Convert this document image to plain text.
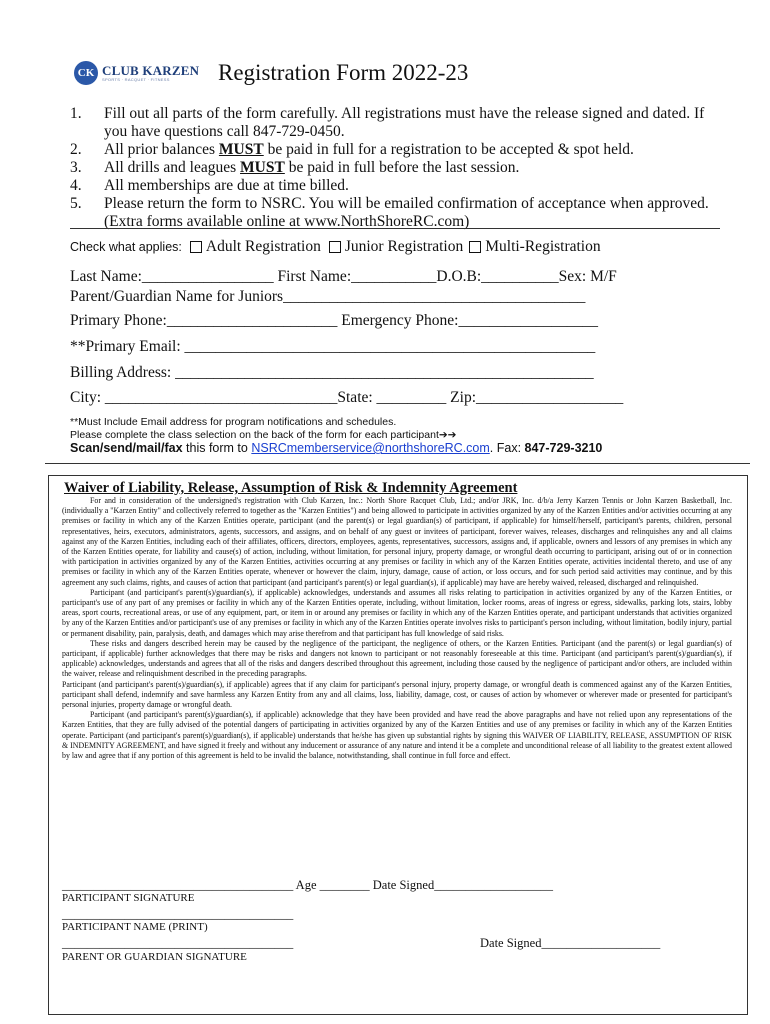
CK CLUB KARZEN
SPORTS · RACQUET · FITNESS	Registration Form 2022-23
1.	Fill out all parts of the form carefully. All registrations must have the release signed and dated. If you have questions call 847-729-0450.
2.	All prior balances MUST be paid in full for a registration to be accepted & spot held.
3.	All drills and leagues MUST be paid in full before the last session.
4.	All memberships are due at time billed.
5.	Please return the form to NSRC. You will be emailed confirmation of acceptance when approved. (Extra forms available online at www.NorthShoreRC.com)
Check what applies: Adult Registration Junior Registration Multi-Registration
Last Name:_________________ First Name:___________D.O.B:__________Sex: M/F
Parent/Guardian Name for Juniors_______________________________________
Primary Phone:______________________ Emergency Phone:__________________
**Primary Email: _____________________________________________________
Billing Address: ______________________________________________________
City: ______________________________State: _________ Zip:___________________
**Must Include Email address for program notifications and schedules.
Please complete the class selection on the back of the form for each participant➔➔
Scan/send/mail/fax this form to NSRCmemberservice@northshoreRC.com. Fax: 847-729-3210
Waiver of Liability, Release, Assumption of Risk & Indemnity Agreement

For and in consideration of the undersigned's registration with Club Karzen, Inc.: North Shore Racquet Club, Ltd.; and/or JRK, Inc. d/b/a Jerry Karzen Tennis or John Karzen Basketball, Inc. (individually a "Karzen Entity" and collectively referred to together as the "Karzen Entities") and being allowed to participate in activities organized by any of the Karzen Entities and/or activities occurring at any premises or facility in which any of the Karzen Entities operate, participant (and the parent(s) or legal guardian(s) of participant, if applicable) for himself/herself, participant's parents, children, personal representatives, heirs, executors, administrators, agents, successors, and assigns, and on behalf of any guest or invitees of participant, forever waives, releases, discharges and relinquishes any and all claims against any of the Karzen Entities, including each of their affiliates, officers, directors, employees, agents, representatives, successors, assigns and, if applicable, owners and lessors of any premises in which any of the Karzen Entities operate, for liability and cause(s) of action, including, without limitation, for personal injury, property damage, or wrongful death occurring to participant, arising out of or in connection with participation in activities organized by any of the Karzen Entities, activities occurring at any premises or facility in which any of the Karzen Entities operate, activities incidental thereto, and use of any premises or facility in which any of the Karzen Entities operate, whenever or however the claim, injury, damage, cause of action, or loss occurs, and for such period said activities may continue, and by this agreement any such claims, rights, and causes of action that participant (and participant's parent(s) or legal guardian(s), if applicable) may have are hereby waived, released, discharged and relinquished.

Participant (and participant's parent(s)/guardian(s), if applicable) acknowledges, understands and assumes all risks relating to participation in activities organized by any of the Karzen Entities, or participant's use of any part of any premises or facility in which any of the Karzen Entities operate, including, without limitation, locker rooms, areas of ingress or egress, sidewalks, parking lots, stairs, lobby areas, sport courts, recreational areas, or use of any equipment, part, or item in or around any premises or facility in which any of the Karzen Entities operate, and participant understands that activities organized by any of the Karzen Entities and/or participant's use of any premises or facility in which any of the Karzen Entities operate involves risks to participant's person including, without limitation, bodily injury, partial or permanent disability, pain, paralysis, death, and damages which may arise therefrom and that participant has full knowledge of said risks.

These risks and dangers described herein may be caused by the negligence of the participant, the negligence of others, or the Karzen Entities. Participant (and the parent(s) or legal guardian(s) of participant, if applicable) further acknowledges that there may be risks and dangers not known to participant or not reasonably foreseeable at this time. Participant (and participant's parent(s)/guardian(s), if applicable) acknowledges, understands and agrees that all of the risks and dangers described throughout this agreement, including those caused by the negligence of participant and/or others, are included within the waiver, release and relinquishment described in the preceding paragraphs.

Participant (and participant's parent(s)/guardian(s), if applicable) agrees that if any claim for participant's personal injury, property damage, or wrongful death is commenced against any of the Karzen Entities, participant shall defend, indemnify and save harmless any Karzen Entity from any and all claims, loss, liability, damage, cost, or causes of action by whomever or wherever made or presented for participant's personal injuries, property damage or wrongful death.

Participant (and participant's parent(s)/guardian(s), if applicable) acknowledge that they have been provided and have read the above paragraphs and have not relied upon any representations of the Karzen Entities, that they are fully advised of the potential dangers of participating in activities organized by any of the Karzen Entities and use of any premises or facility in which any of the Karzen Entities operate. Participant (and participant's parent(s)/guardian(s), if applicable) understands that he/she has given up substantial rights by signing this WAIVER OF LIABILITY, RELEASE, ASSUMPTION OF RISK & INDEMNITY AGREEMENT, and have signed it freely and without any inducement or assurance of any nature and intend it be a complete and unconditional release of all liability to the greatest extent allowed by law and agree that if any portion of this agreement is held to be invalid the balance, notwithstanding, shall continue in full force and effect.

_____________________________________ Age ________ Date Signed___________________
PARTICIPANT SIGNATURE
_____________________________________
PARTICIPANT NAME (PRINT)
_____________________________________	Date Signed___________________
PARENT OR GUARDIAN SIGNATURE
